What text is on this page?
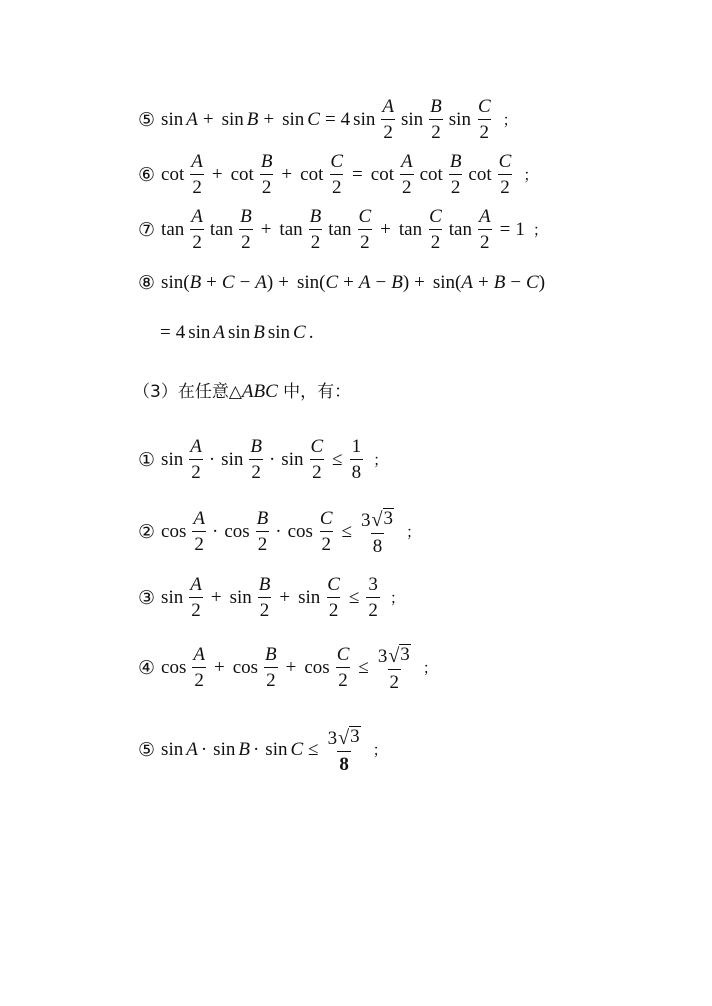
⑤ sin A + sin B + sin C = 4 $\sin \frac{A}{2}$ $\sin \frac{B}{2}$ $\sin \frac{C}{2}$ ；
⑥ $\cot \frac{A}{2} + \cot \frac{B}{2} + \cot \frac{C}{2} = \cot \frac{A}{2}$ $\cot \frac{B}{2}$ $\cot \frac{C}{2}$ ；
⑦ $\tan \frac{A}{2}$ $\tan \frac{B}{2} + \tan \frac{B}{2}$ $\tan \frac{C}{2} + \tan \frac{C}{2}$ $\tan \frac{A}{2} = 1$ ；
⑧ sin ( B + C − A ) + sin ( C + A − B ) + sin ( A + B − C )
= 4 sin A sin B sin C .
（3）在任意△ABC 中，有：
① $\sin \frac{A}{2} \cdot \sin \frac{B}{2} \cdot \sin \frac{C}{2} \le \frac{1}{8}$ ；
② $\cos \frac{A}{2} \cdot \cos \frac{B}{2} \cdot \cos \frac{C}{2} \le \frac{3 √ 3}{8}$ ；
③ $\sin \frac{A}{2} + \sin \frac{B}{2} + \sin \frac{C}{2} \le \frac{3}{2}$ ；
④ $\cos \frac{A}{2} + \cos \frac{B}{2} + \cos \frac{C}{2} \le \frac{3 √ 3}{2}$ ；
⑤ $\sin A \cdot \sin B \cdot \sin C \le \frac{3 √ 3}{8}$ ；
